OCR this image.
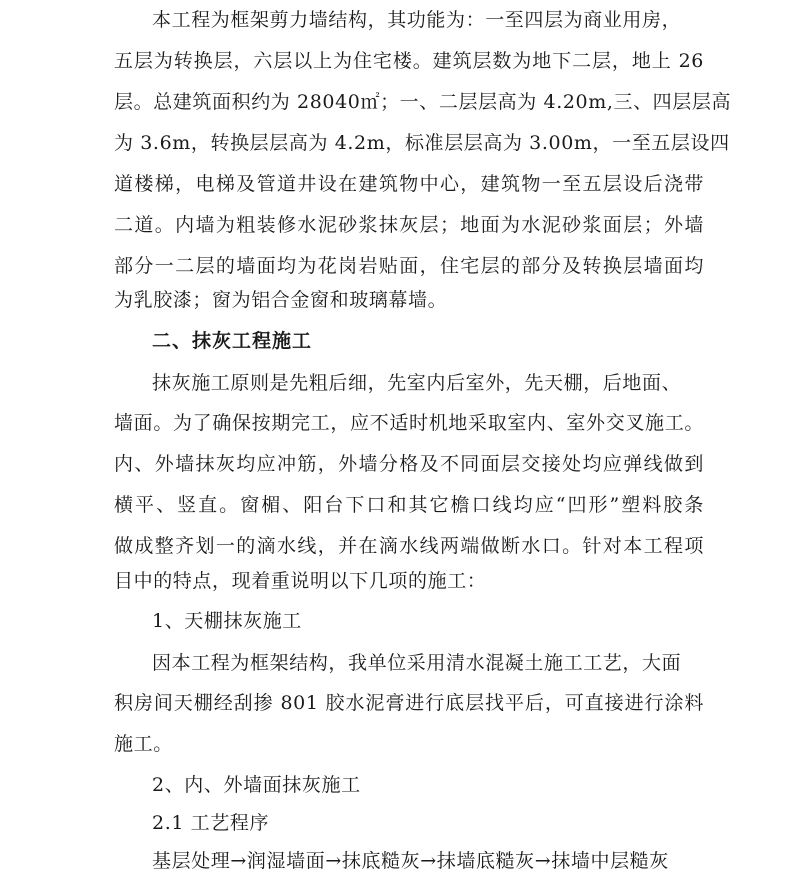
本工程为框架剪力墙结构，其功能为：一至四层为商业用房，
五层为转换层，六层以上为住宅楼。建筑层数为地下二层，地上 26
层。总建筑面积约为 28040㎡；一、二层层高为 4.20m,三、四层层高
为 3.6m，转换层层高为 4.2m，标准层层高为 3.00m，一至五层设四
道楼梯，电梯及管道井设在建筑物中心，建筑物一至五层设后浇带
二道。内墙为粗装修水泥砂浆抹灰层；地面为水泥砂浆面层；外墙
部分一二层的墙面均为花岗岩贴面，住宅层的部分及转换层墙面均
为乳胶漆；窗为铝合金窗和玻璃幕墙。
二、抹灰工程施工
抹灰施工原则是先粗后细，先室内后室外，先天棚，后地面、
墙面。为了确保按期完工，应不适时机地采取室内、室外交叉施工。
内、外墙抹灰均应冲筋，外墙分格及不同面层交接处均应弹线做到
横平、竖直。窗楣、阳台下口和其它檐口线均应“凹形”塑料胶条
做成整齐划一的滴水线，并在滴水线两端做断水口。针对本工程项
目中的特点，现着重说明以下几项的施工：
1、天棚抹灰施工
因本工程为框架结构，我单位采用清水混凝土施工工艺，大面
积房间天棚经刮掺 801 胶水泥膏进行底层找平后，可直接进行涂料
施工。
2、内、外墙面抹灰施工
2.1 工艺程序
基层处理→润湿墙面→抹底糙灰→抹墙底糙灰→抹墙中层糙灰
